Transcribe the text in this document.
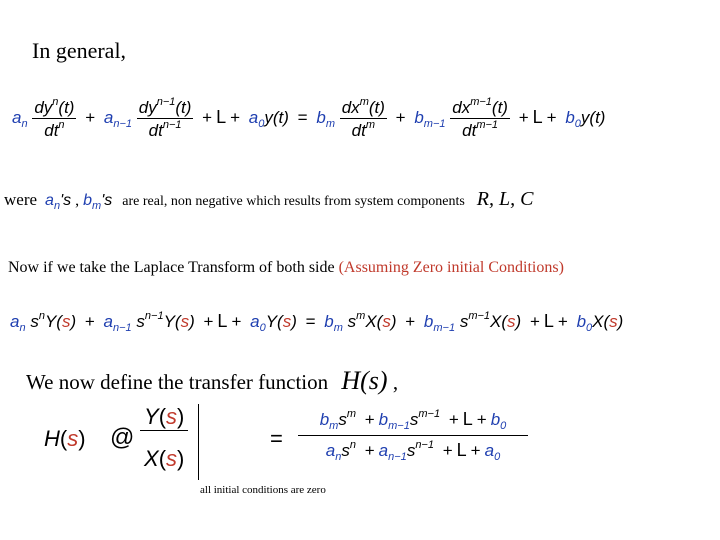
In general,
$a_n \frac{dy^n(t)}{dt^n} + a_{n-1} \frac{dy^{n-1}(t)}{dt^{n-1}} + L + a_0y(t) = b_m \frac{dx^m(t)}{dt^m} + b_{m-1} \frac{dx^{m-1}(t)}{dt^{m-1}} + L + b_0y(t)$
were $a_n's$ , $b_m's$ are real, non negative which results from system components R, L, C
Now if we take the Laplace Transform of both side (Assuming Zero initial Conditions)
$a_n$ $s^nY(s) + a_{n-1}$ $s^{n-1}Y(s) + L + a_0Y(s) = b_m$ $s^mX(s) + b_{m-1}$ $s^{m-1}X(s) + L + b_0X(s)$
We now define the transfer function H(s) ,
H(s) @
Y(s)
X(s)
all initial conditions are zero
=
$b_ms^m + b_{m-1}s^{m-1} + L + b_0$
$a_ns^n + a_{n-1}s^{n-1} + L + a_0$
